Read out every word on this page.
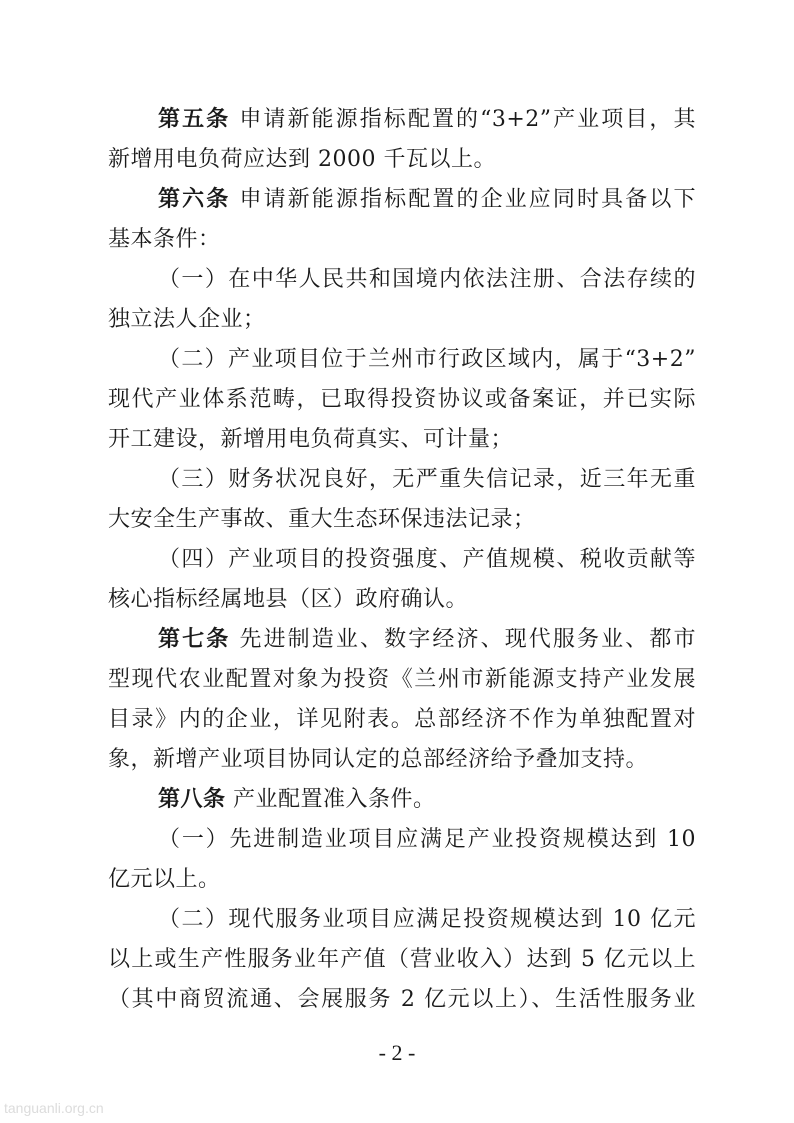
第五条 申请新能源指标配置的“3+2”产业项目，其
新增用电负荷应达到 2000 千瓦以上。
第六条 申请新能源指标配置的企业应同时具备以下
基本条件：
（一）在中华人民共和国境内依法注册、合法存续的
独立法人企业；
（二）产业项目位于兰州市行政区域内，属于“3+2”
现代产业体系范畴，已取得投资协议或备案证，并已实际
开工建设，新增用电负荷真实、可计量；
（三）财务状况良好，无严重失信记录，近三年无重
大安全生产事故、重大生态环保违法记录；
（四）产业项目的投资强度、产值规模、税收贡献等
核心指标经属地县（区）政府确认。
第七条 先进制造业、数字经济、现代服务业、都市
型现代农业配置对象为投资《兰州市新能源支持产业发展
目录》内的企业，详见附表。总部经济不作为单独配置对
象，新增产业项目协同认定的总部经济给予叠加支持。
第八条 产业配置准入条件。
（一）先进制造业项目应满足产业投资规模达到 10
亿元以上。
（二）现代服务业项目应满足投资规模达到 10 亿元
以上或生产性服务业年产值（营业收入）达到 5 亿元以上
（其中商贸流通、会展服务 2 亿元以上）、生活性服务业
- 2 -
tanguanli.org.cn
